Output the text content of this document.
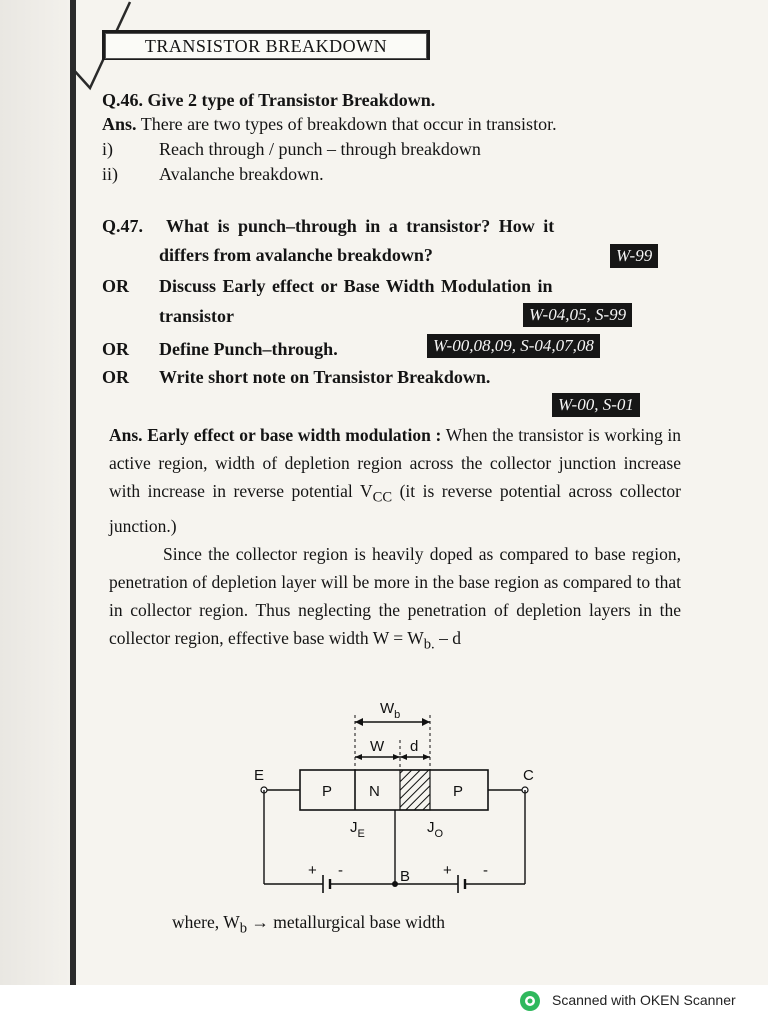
TRANSISTOR BREAKDOWN
Q.46. Give 2 type of Transistor Breakdown.
Ans. There are two types of breakdown that occur in transistor.
i)	Reach through / punch – through breakdown
ii) Avalanche breakdown.
Q.47. What is punch–through in a transistor? How it
differs from avalanche breakdown?	W-99
OR Discuss Early effect or Base Width Modulation in
transistor	W-04,05, S-99
OR Define Punch–through.	W-00,08,09, S-04,07,08
OR Write short note on Transistor Breakdown.
W-00, S-01
Ans. Early effect or base width modulation : When the transistor is working in active region, width of depletion region across the collector junction increase with increase in reverse potential $V_{CC}$ (it is reverse potential across collector junction.)
Since the collector region is heavily doped as compared to base region, penetration of depletion layer will be more in the base region as compared to that in collector region. Thus neglecting the penetration of depletion layers in the collector region, effective base width $W = W_{b.} - d$
$W_b$
W d
P N	P
E	C
$J_E$	$J_O$
B
+ -	+ -
where, $W_b$ → metallurgical base width
Scanned with OKEN Scanner
